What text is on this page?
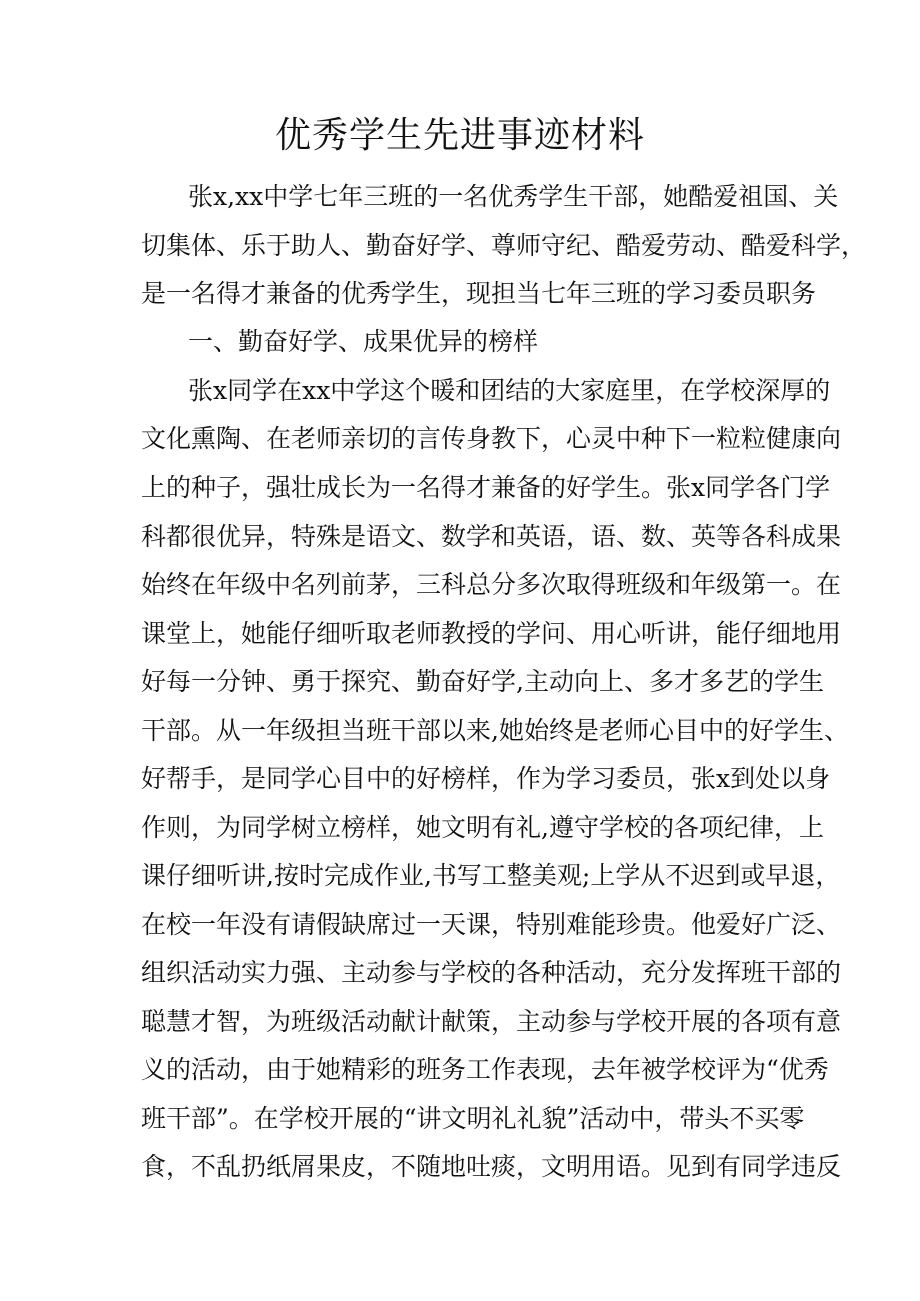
优秀学生先进事迹材料
张x,xx中学七年三班的一名优秀学生干部，她酷爱祖国、关
切集体、乐于助人、勤奋好学、尊师守纪、酷爱劳动、酷爱科学，
是一名得才兼备的优秀学生，现担当七年三班的学习委员职务
一、勤奋好学、成果优异的榜样
张x同学在xx中学这个暖和团结的大家庭里，在学校深厚的
文化熏陶、在老师亲切的言传身教下，心灵中种下一粒粒健康向
上的种子，强壮成长为一名得才兼备的好学生。张x同学各门学
科都很优异，特殊是语文、数学和英语，语、数、英等各科成果
始终在年级中名列前茅，三科总分多次取得班级和年级第一。在
课堂上，她能仔细听取老师教授的学问、用心听讲，能仔细地用
好每一分钟、勇于探究、勤奋好学,主动向上、多才多艺的学生
干部。从一年级担当班干部以来,她始终是老师心目中的好学生、
好帮手，是同学心目中的好榜样，作为学习委员，张x到处以身
作则，为同学树立榜样，她文明有礼,遵守学校的各项纪律，上
课仔细听讲,按时完成作业,书写工整美观;上学从不迟到或早退，
在校一年没有请假缺席过一天课，特别难能珍贵。他爱好广泛、
组织活动实力强、主动参与学校的各种活动，充分发挥班干部的
聪慧才智，为班级活动献计献策，主动参与学校开展的各项有意
义的活动，由于她精彩的班务工作表现，去年被学校评为“优秀
班干部”。在学校开展的“讲文明礼礼貌”活动中，带头不买零
食，不乱扔纸屑果皮，不随地吐痰，文明用语。见到有同学违反
